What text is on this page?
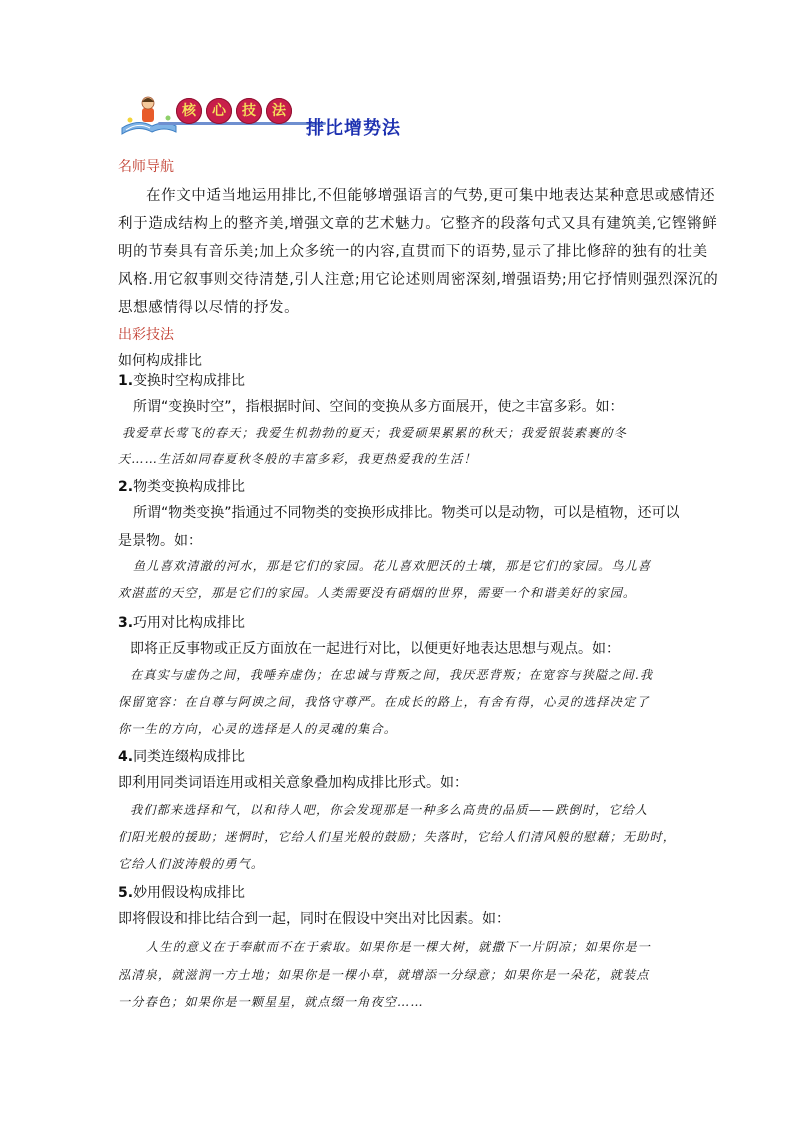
核	心	技	法
排比增势法
名师导航
在作文中适当地运用排比,不但能够增强语言的气势,更可集中地表达某种意思或感情还
利于造成结构上的整齐美,增强文章的艺术魅力。它整齐的段落句式又具有建筑美,它铿锵鲜
明的节奏具有音乐美;加上众多统一的内容,直贯而下的语势,显示了排比修辞的独有的壮美
风格.用它叙事则交待清楚,引人注意;用它论述则周密深刻,增强语势;用它抒情则强烈深沉的
思想感情得以尽情的抒发。
出彩技法
如何构成排比
1.变换时空构成排比
所谓“变换时空”，指根据时间、空间的变换从多方面展开，使之丰富多彩。如：
我爱草长莺飞的春天；我爱生机勃勃的夏天；我爱硕果累累的秋天；我爱银装素裹的冬
天……生活如同春夏秋冬般的丰富多彩，我更热爱我的生活！
2.物类变换构成排比
所谓“物类变换”指通过不同物类的变换形成排比。物类可以是动物，可以是植物，还可以
是景物。如：
鱼儿喜欢清澈的河水，那是它们的家园。花儿喜欢肥沃的土壤，那是它们的家园。鸟儿喜
欢湛蓝的天空，那是它们的家园。人类需要没有硝烟的世界，需要一个和谐美好的家园。
3.巧用对比构成排比
即将正反事物或正反方面放在一起进行对比，以便更好地表达思想与观点。如：
在真实与虚伪之间，我唾弃虚伪；在忠诚与背叛之间，我厌恶背叛；在宽容与狭隘之间.我
保留宽容：在自尊与阿谀之间，我恪守尊严。在成长的路上，有舍有得，心灵的选择决定了
你一生的方向，心灵的选择是人的灵魂的集合。
4.同类连缀构成排比
即利用同类词语连用或相关意象叠加构成排比形式。如：
我们都来选择和气，以和待人吧，你会发现那是一种多么高贵的品质——跌倒时，它给人
们阳光般的援助；迷惘时，它给人们星光般的鼓励；失落时，它给人们清风般的慰藉；无助时，
它给人们波涛般的勇气。
5.妙用假设构成排比
即将假设和排比结合到一起，同时在假设中突出对比因素。如：
人生的意义在于奉献而不在于索取。如果你是一棵大树，就撒下一片阴凉；如果你是一
泓清泉，就滋润一方土地；如果你是一棵小草，就增添一分绿意；如果你是一朵花，就装点
一分春色；如果你是一颗星星，就点缀一角夜空……
